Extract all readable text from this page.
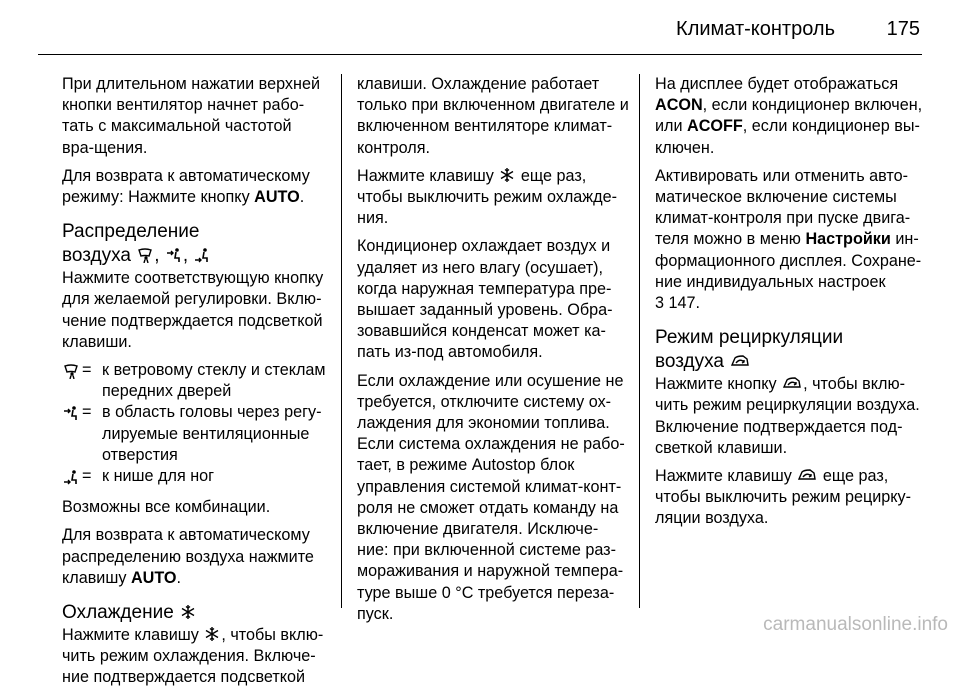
Климат-контроль	175

При длительном нажатии верхней кнопки вентилятор начнет рабо-тать с максимальной частотой вра-щения.

Для возврата к автоматическому режиму: Нажмите кнопку AUTO.

Распределение
воздуха , ,

Нажмите соответствующую кнопку для желаемой регулировки. Вклю-чение подтверждается подсветкой клавиши.

= к ветровому стеклу и стеклам передних дверей
= в область головы через регу-лируемые вентиляционные отверстия
= к нише для ног

Возможны все комбинации.

Для возврата к автоматическому распределению воздуха нажмите клавишу AUTO.

Охлаждение

Нажмите клавишу
, чтобы вклю-чить режим охлаждения. Включе-ние подтверждается подсветкой

клавиши. Охлаждение работает только при включенном двигателе и включенном вентиляторе климат-контроля.

Нажмите клавишу
еще раз, чтобы выключить режим охлажде-ния.

Кондиционер охлаждает воздух и удаляет из него влагу (осушает), когда наружная температура пре-вышает заданный уровень. Обра-зовавшийся конденсат может ка-пать из-под автомобиля.

Если охлаждение или осушение не требуется, отключите систему ох-лаждения для экономии топлива.

Если система охлаждения не рабо-тает, в режиме Autostop блок управления системой климат-конт-роля не сможет отдать команду на включение двигателя. Исключе-ние: при включенной системе раз-мораживания и наружной темпера-туре выше 0 °C требуется переза-пуск.

На дисплее будет отображаться ACON, если кондиционер включен, или ACOFF, если кондиционер вы-ключен.

Активировать или отменить авто-матическое включение системы климат-контроля при пуске двига-теля можно в меню Настройки ин-формационного дисплея. Сохране-ние индивидуальных настроек
3 147.

Режим рециркуляции
воздуха

Нажмите кнопку
, чтобы вклю-чить режим рециркуляции воздуха. Включение подтверждается под-светкой клавиши.

Нажмите клавишу
еще раз, чтобы выключить режим рецирку-ляции воздуха.

carmanualsonline.info
